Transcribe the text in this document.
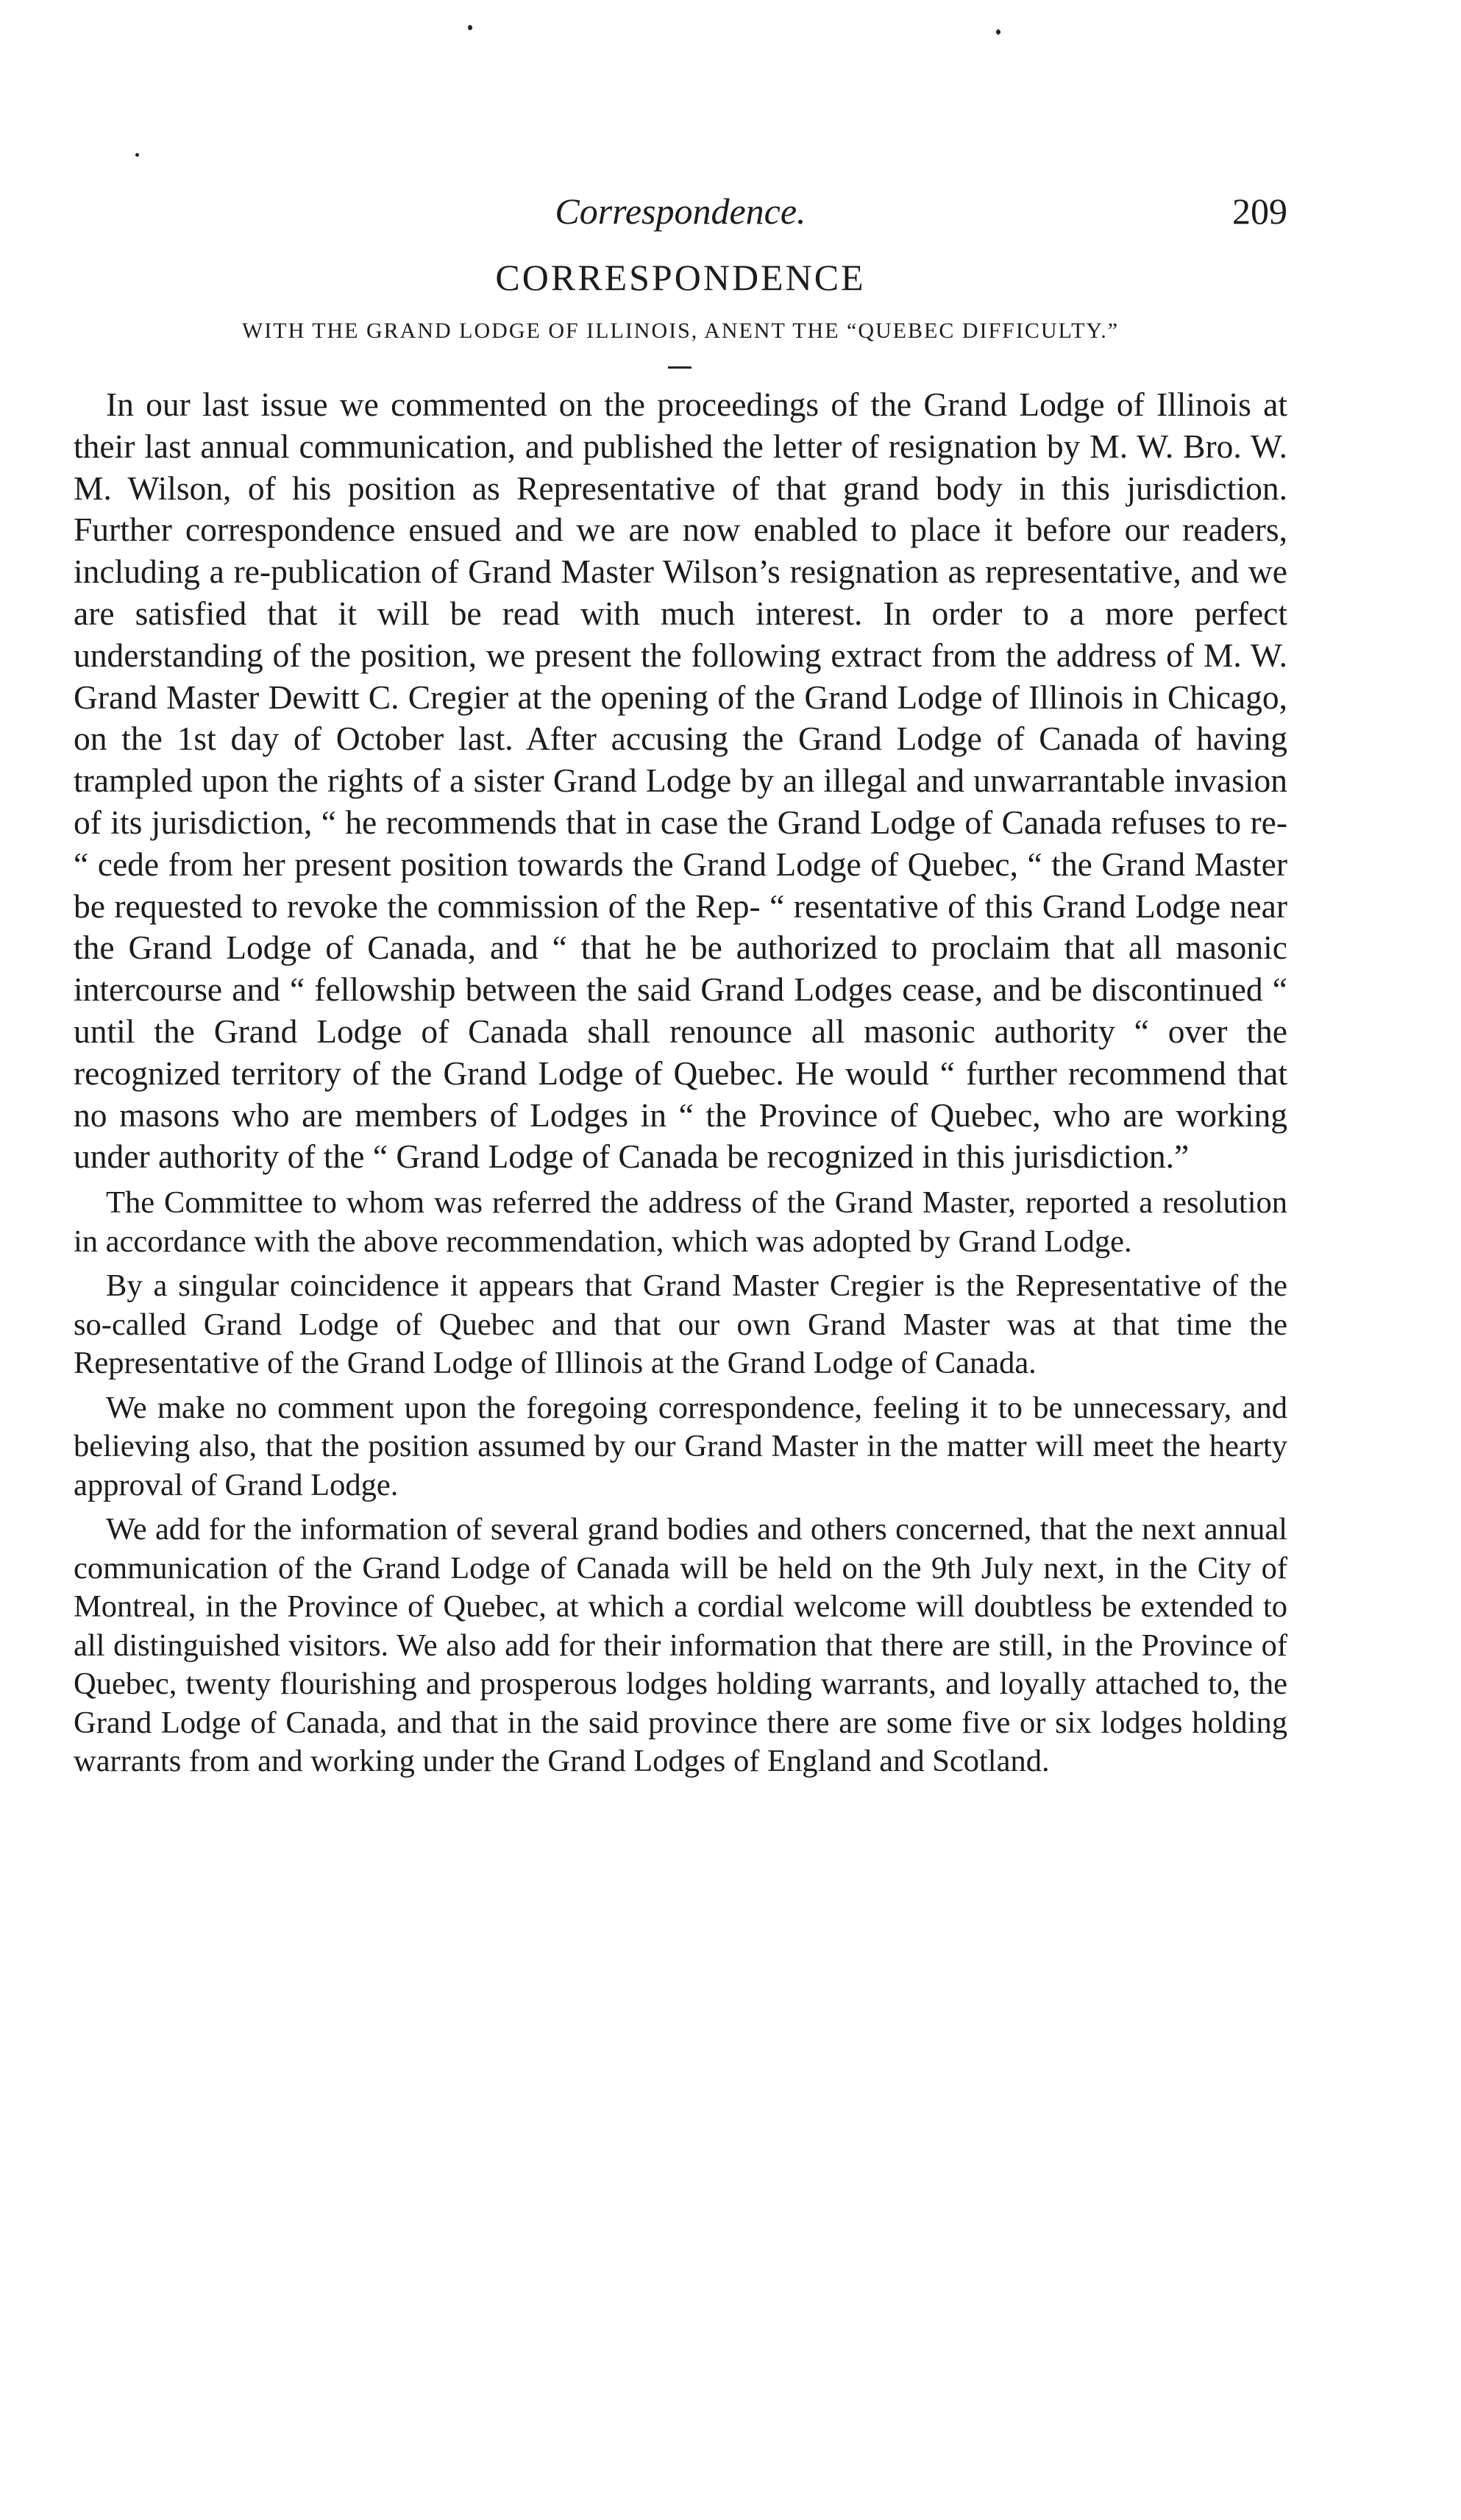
Correspondence.	209
CORRESPONDENCE
WITH THE GRAND LODGE OF ILLINOIS, ANENT THE “QUEBEC DIFFICULTY.”

In our last issue we commented on the proceedings of the Grand Lodge of Illinois at their last annual communication, and published the letter of resignation by M. W. Bro. W. M. Wilson, of his position as Representative of that grand body in this jurisdiction. Further correspondence ensued and we are now enabled to place it before our readers, including a re-publication of Grand Master Wilson’s resignation as representative, and we are satisfied that it will be read with much interest. In order to a more perfect understanding of the position, we present the following extract from the address of M. W. Grand Master Dewitt C. Cregier at the opening of the Grand Lodge of Illinois in Chicago, on the 1st day of October last. After accusing the Grand Lodge of Canada of having trampled upon the rights of a sister Grand Lodge by an illegal and unwarrantable invasion of its jurisdiction, “ he recommends that in case the Grand Lodge of Canada refuses to re- “ cede from her present position towards the Grand Lodge of Quebec, “ the Grand Master be requested to revoke the commission of the Rep- “ resentative of this Grand Lodge near the Grand Lodge of Canada, and “ that he be authorized to proclaim that all masonic intercourse and “ fellowship between the said Grand Lodges cease, and be discontinued “ until the Grand Lodge of Canada shall renounce all masonic authority “ over the recognized territory of the Grand Lodge of Quebec. He would “ further recommend that no masons who are members of Lodges in “ the Province of Quebec, who are working under authority of the “ Grand Lodge of Canada be recognized in this jurisdiction.”

The Committee to whom was referred the address of the Grand Master, reported a resolution in accordance with the above recommendation, which was adopted by Grand Lodge.

By a singular coincidence it appears that Grand Master Cregier is the Representative of the so-called Grand Lodge of Quebec and that our own Grand Master was at that time the Representative of the Grand Lodge of Illinois at the Grand Lodge of Canada.

We make no comment upon the foregoing correspondence, feeling it to be unnecessary, and believing also, that the position assumed by our Grand Master in the matter will meet the hearty approval of Grand Lodge.

We add for the information of several grand bodies and others concerned, that the next annual communication of the Grand Lodge of Canada will be held on the 9th July next, in the City of Montreal, in the Province of Quebec, at which a cordial welcome will doubtless be extended to all distinguished visitors. We also add for their information that there are still, in the Province of Quebec, twenty flourishing and prosperous lodges holding warrants, and loyally attached to, the Grand Lodge of Canada, and that in the said province there are some five or six lodges holding warrants from and working under the Grand Lodges of England and Scotland.
